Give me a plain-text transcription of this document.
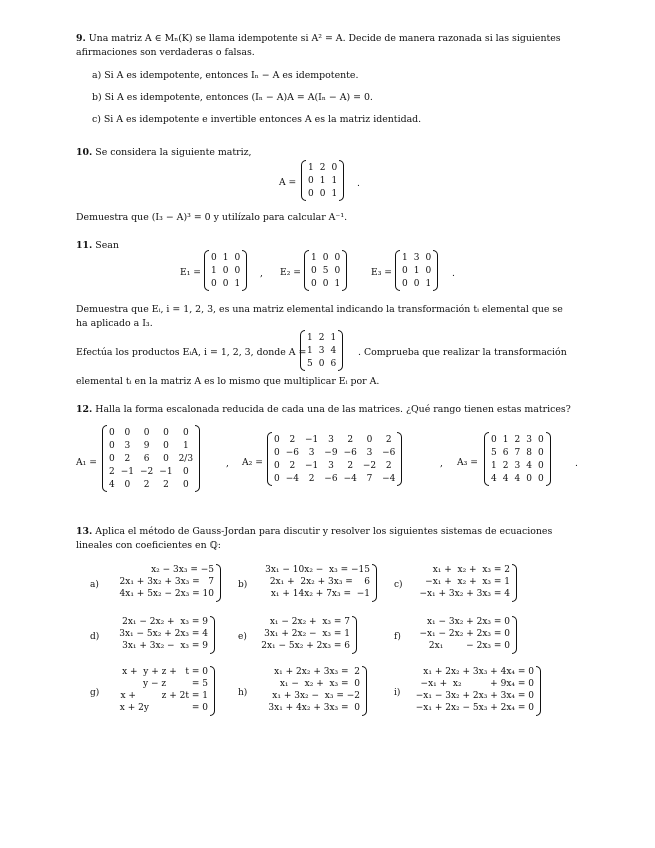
9. Una matriz A ∈ Mₙ(K) se llama idempotente si A² = A. Decide de manera razonada si las siguientes
afirmaciones son verdaderas o falsas.
a) Si A es idempotente, entonces Iₙ − A es idempotente.
b) Si A es idempotente, entonces (Iₙ − A)A = A(Iₙ − A) = 0.
c) Si A es idempotente e invertible entonces A es la matriz identidad.
10. Se considera la siguiente matriz,
A =
1 2 0
0 1 1
0 0 1
.
Demuestra que (I₃ − A)³ = 0 y utilízalo para calcular A⁻¹.
11. Sean
E₁ =
0 1 0
1 0 0
0 0 1
, E₂ =
1 0 0
0 5 0
0 0 1
E₃ =
1 3 0
0 1 0
0 0 1
.
Demuestra que Eᵢ, i = 1, 2, 3, es una matriz elemental indicando la transformación tᵢ elemental que se
ha aplicado a I₃.
Efectúa los productos EᵢA, i = 1, 2, 3, donde A =
1 2 1
1 3 4
5 0 6
. Comprueba que realizar la transformación
elemental tᵢ en la matriz A es lo mismo que multiplicar Eᵢ por A.
12. Halla la forma escalonada reducida de cada una de las matrices. ¿Qué rango tienen estas matrices?
A₁ =
0	0	0	0	0
0	3	9	0	1
0	2	6	0	2/3
2 −1 −2 −1	0
4	0	2	2	0
, A₂ =
0	2	−1	3	2	0	2
0 −6	3	−9 −6	3	−6
0	2	−1	3	2	−2	2
0 −4	2	−6 −4	7	−4
, A₃ =
0 1 2 3 0
5 6 7 8 0
1 2 3 4 0
4 4 4 0 0
.
13. Aplica el método de Gauss-Jordan para discutir y resolver los siguientes sistemas de ecuaciones
lineales con coeficientes en ℚ:
a)
x₂ − 3x₃ = −5
2x₁ + 3x₂ + 3x₃ =   7
4x₁ + 5x₂ − 2x₃ = 10
b)
3x₁ − 10x₂ −  x₃ = −15
2x₁ +  2x₂ + 3x₃ =    6
x₁ + 14x₂ + 7x₃ =  −1
c)
x₁ +  x₂ +  x₃ = 2
−x₁ +  x₂ +  x₃ = 1
−x₁ + 3x₂ + 3x₃ = 4
d)
2x₁ − 2x₂ +  x₃ = 9
3x₁ − 5x₂ + 2x₃ = 4
3x₁ + 3x₂ −  x₃ = 9
e)
x₁ − 2x₂ +  x₃ = 7
3x₁ + 2x₂ −  x₃ = 1
2x₁ − 5x₂ + 2x₃ = 6
f)
x₁ − 3x₂ + 2x₃ = 0
−x₁ − 2x₂ + 2x₃ = 0
2x₁        − 2x₃ = 0
g)
x +  y + z +   t = 0
y − z         = 5
x +         z + 2t = 1
x + 2y               = 0
h)
x₁ + 2x₂ + 3x₃ =  2
x₁ −  x₂ +  x₃ =  0
x₁ + 3x₂ −  x₃ = −2
3x₁ + 4x₂ + 3x₃ =  0
i)
x₁ + 2x₂ + 3x₃ + 4x₄ = 0
−x₁ +  x₂          + 9x₄ = 0
−x₁ − 3x₂ + 2x₃ + 3x₄ = 0
−x₁ + 2x₂ − 5x₃ + 2x₄ = 0
